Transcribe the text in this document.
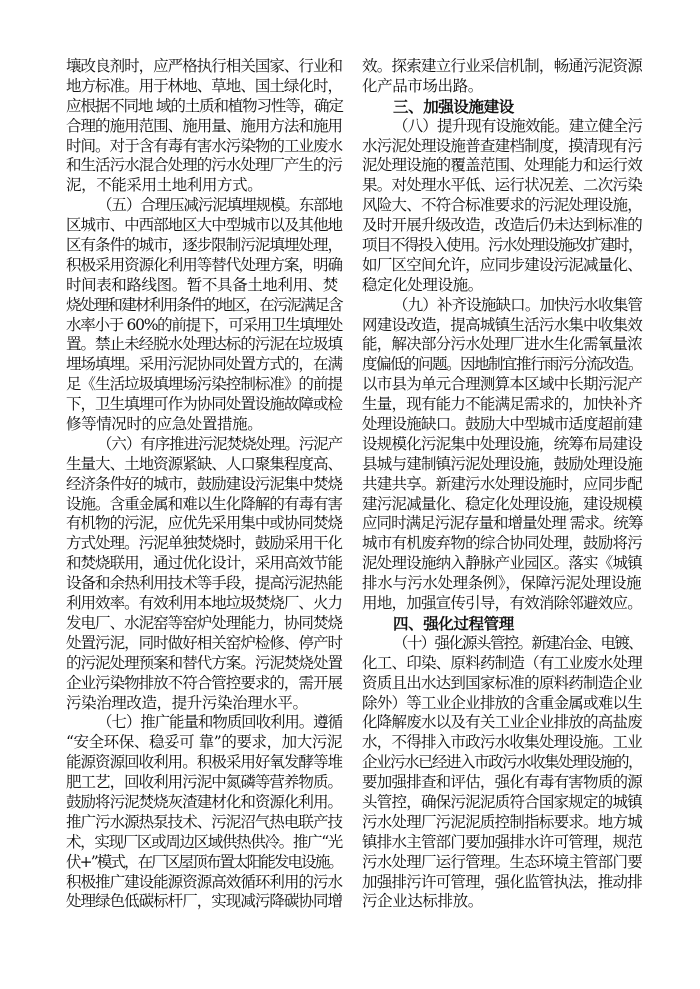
壤改良剂时，应严格执行相关国家、行业和
地方标准。用于林地、草地、国土绿化时，
应根据不同地 域的土质和植物习性等，确定
合理的施用范围、施用量、施用方法和施用
时间。对于含有毒有害水污染物的工业废水
和生活污水混合处理的污水处理厂产生的污
泥，不能采用土地利用方式。
（五）合理压减污泥填埋规模。东部地
区城市、中西部地区大中型城市以及其他地
区有条件的城市，逐步限制污泥填埋处理，
积极采用资源化利用等替代处理方案，明确
时间表和路线图。暂不具备土地利用、焚
烧处理和建材利用条件的地区，在污泥满足含
水率小于 60%的前提下，可采用卫生填埋处
置。禁止未经脱水处理达标的污泥在垃圾填
埋场填埋。采用污泥协同处置方式的，在满
足《生活垃圾填埋场污染控制标准》的前提
下，卫生填埋可作为协同处置设施故障或检
修等情况时的应急处置措施。
（六）有序推进污泥焚烧处理。污泥产
生量大、土地资源紧缺、人口聚集程度高、
经济条件好的城市，鼓励建设污泥集中焚烧
设施。含重金属和难以生化降解的有毒有害
有机物的污泥，应优先采用集中或协同焚烧
方式处理。污泥单独焚烧时，鼓励采用干化
和焚烧联用，通过优化设计，采用高效节能
设备和余热利用技术等手段，提高污泥热能
利用效率。有效利用本地垃圾焚烧厂、火力
发电厂、水泥窑等窑炉处理能力，协同焚烧
处置污泥，同时做好相关窑炉检修、停产时
的污泥处理预案和替代方案。污泥焚烧处置
企业污染物排放不符合管控要求的，需开展
污染治理改造，提升污染治理水平。
（七）推广能量和物质回收利用。遵循
“安全环保、稳妥可 靠”的要求，加大污泥
能源资源回收利用。积极采用好氧发酵等堆
肥工艺，回收利用污泥中氮磷等营养物质。
鼓励将污泥焚烧灰渣建材化和资源化利用。
推广污水源热泵技术、污泥沼气热电联产技
术，实现厂区或周边区域供热供冷。推广“光
伏+”模式，在厂区屋顶布置太阳能发电设施。
积极推广建设能源资源高效循环利用的污水
处理绿色低碳标杆厂，实现减污降碳协同增
效。探索建立行业采信机制，畅通污泥资源
化产品市场出路。
三、加强设施建设
（八）提升现有设施效能。建立健全污
水污泥处理设施普查建档制度，摸清现有污
泥处理设施的覆盖范围、处理能力和运行效
果。对处理水平低、运行状况差、二次污染
风险大、不符合标准要求的污泥处理设施，
及时开展升级改造，改造后仍未达到标准的
项目不得投入使用。污水处理设施改扩建时，
如厂区空间允许，应同步建设污泥减量化、
稳定化处理设施。
（九）补齐设施缺口。加快污水收集管
网建设改造，提高城镇生活污水集中收集效
能，解决部分污水处理厂进水生化需氧量浓
度偏低的问题。因地制宜推行雨污分流改造。
以市县为单元合理测算本区域中长期污泥产
生量，现有能力不能满足需求的，加快补齐
处理设施缺口。鼓励大中型城市适度超前建
设规模化污泥集中处理设施，统筹布局建设
县城与建制镇污泥处理设施，鼓励处理设施
共建共享。新建污水处理设施时，应同步配
建污泥减量化、稳定化处理设施，建设规模
应同时满足污泥存量和增量处理 需求。统筹
城市有机废弃物的综合协同处理，鼓励将污
泥处理设施纳入静脉产业园区。落实《城镇
排水与污水处理条例》，保障污泥处理设施
用地，加强宣传引导，有效消除邻避效应。
四、强化过程管理
（十）强化源头管控。新建冶金、电镀、
化工、印染、原料药制造（有工业废水处理
资质且出水达到国家标准的原料药制造企业
除外）等工业企业排放的含重金属或难以生
化降解废水以及有关工业企业排放的高盐废
水，不得排入市政污水收集处理设施。工业
企业污水已经进入市政污水收集处理设施的，
要加强排查和评估，强化有毒有害物质的源
头管控，确保污泥泥质符合国家规定的城镇
污水处理厂污泥泥质控制指标要求。地方城
镇排水主管部门要加强排水许可管理，规范
污水处理厂运行管理。生态环境主管部门要
加强排污许可管理，强化监管执法，推动排
污企业达标排放。
